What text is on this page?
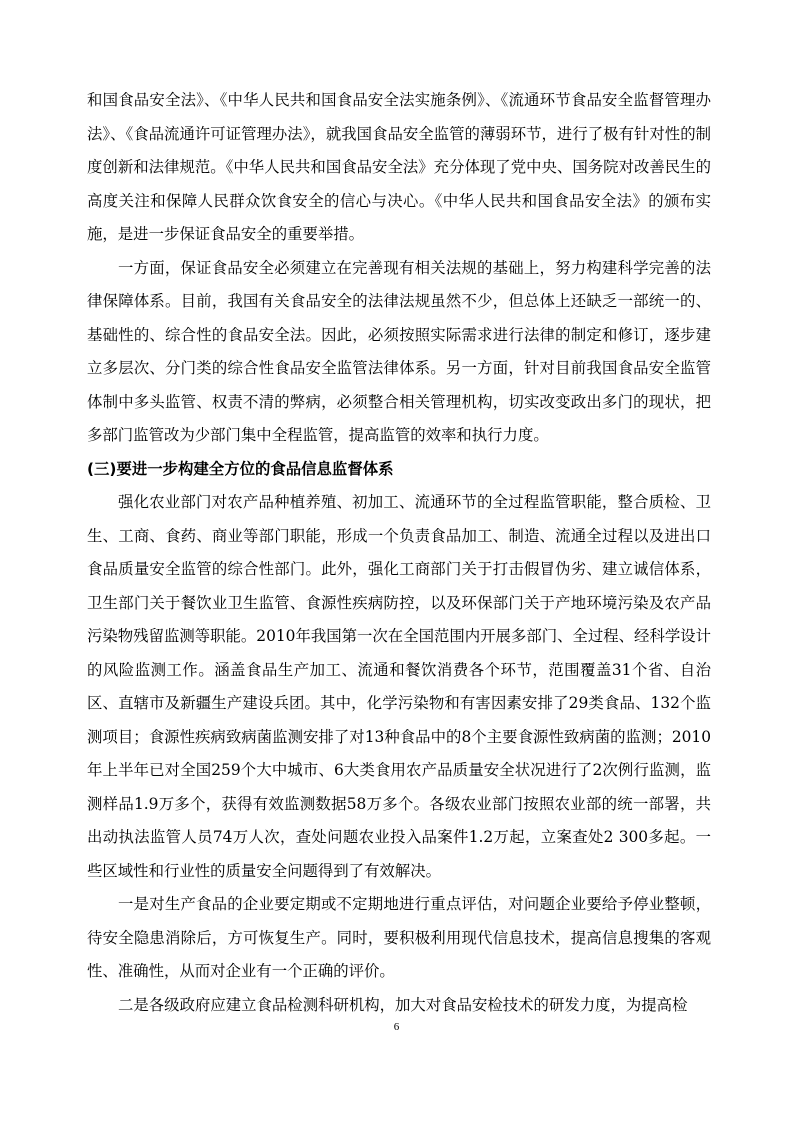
和国食品安全法》、《中华人民共和国食品安全法实施条例》、《流通环节食品安全监督管理办法》、《食品流通许可证管理办法》，就我国食品安全监管的薄弱环节，进行了极有针对性的制度创新和法律规范。《中华人民共和国食品安全法》充分体现了党中央、国务院对改善民生的高度关注和保障人民群众饮食安全的信心与决心。《中华人民共和国食品安全法》的颁布实施，是进一步保证食品安全的重要举措。

一方面，保证食品安全必须建立在完善现有相关法规的基础上，努力构建科学完善的法律保障体系。目前，我国有关食品安全的法律法规虽然不少，但总体上还缺乏一部统一的、基础性的、综合性的食品安全法。因此，必须按照实际需求进行法律的制定和修订，逐步建立多层次、分门类的综合性食品安全监管法律体系。另一方面，针对目前我国食品安全监管体制中多头监管、权责不清的弊病，必须整合相关管理机构，切实改变政出多门的现状，把多部门监管改为少部门集中全程监管，提高监管的效率和执行力度。

(三)要进一步构建全方位的食品信息监督体系

强化农业部门对农产品种植养殖、初加工、流通环节的全过程监管职能，整合质检、卫生、工商、食药、商业等部门职能，形成一个负责食品加工、制造、流通全过程以及进出口食品质量安全监管的综合性部门。此外，强化工商部门关于打击假冒伪劣、建立诚信体系，卫生部门关于餐饮业卫生监管、食源性疾病防控，以及环保部门关于产地环境污染及农产品污染物残留监测等职能。2010年我国第一次在全国范围内开展多部门、全过程、经科学设计的风险监测工作。涵盖食品生产加工、流通和餐饮消费各个环节，范围覆盖31个省、自治区、直辖市及新疆生产建设兵团。其中，化学污染物和有害因素安排了29类食品、132个监测项目；食源性疾病致病菌监测安排了对13种食品中的8个主要食源性致病菌的监测；2010年上半年已对全国259个大中城市、6大类食用农产品质量安全状况进行了2次例行监测，监测样品1.9万多个，获得有效监测数据58万多个。各级农业部门按照农业部的统一部署，共出动执法监管人员74万人次，查处问题农业投入品案件1.2万起，立案查处2 300多起。一些区域性和行业性的质量安全问题得到了有效解决。

一是对生产食品的企业要定期或不定期地进行重点评估，对问题企业要给予停业整顿，待安全隐患消除后，方可恢复生产。同时，要积极利用现代信息技术，提高信息搜集的客观性、准确性，从而对企业有一个正确的评价。

二是各级政府应建立食品检测科研机构，加大对食品安检技术的研发力度，为提高检

6
